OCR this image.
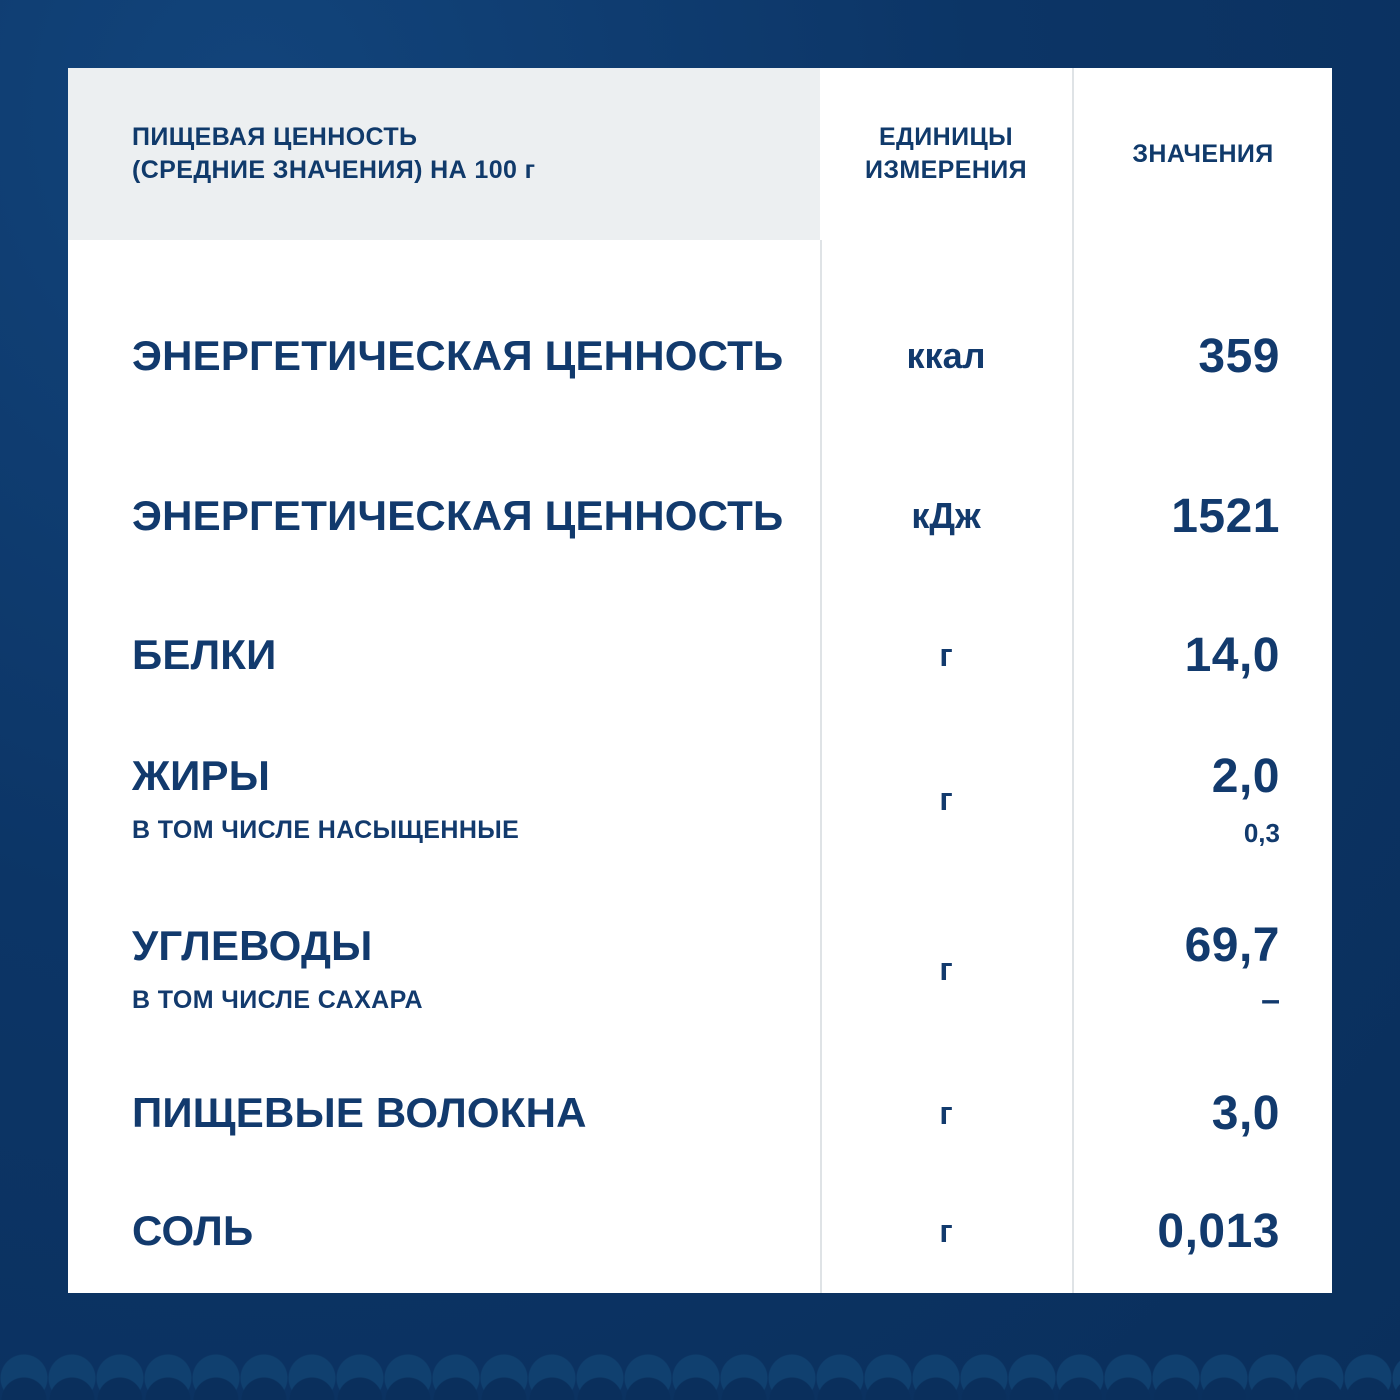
ПИЩЕВАЯ ЦЕННОСТЬ
(СРЕДНИЕ ЗНАЧЕНИЯ) НА 100 г
ЕДИНИЦЫ
ИЗМЕРЕНИЯ
ЗНАЧЕНИЯ
ЭНЕРГЕТИЧЕСКАЯ ЦЕННОСТЬ
ЭНЕРГЕТИЧЕСКАЯ ЦЕННОСТЬ
БЕЛКИ
ЖИРЫ
В ТОМ ЧИСЛЕ НАСЫЩЕННЫЕ
УГЛЕВОДЫ
В ТОМ ЧИСЛЕ САХАРА
ПИЩЕВЫЕ ВОЛОКНА
СОЛЬ
ккал
кДж
г
г
г
г
г
359
1521
14,0
2,0
0,3
69,7
–
3,0
0,013
